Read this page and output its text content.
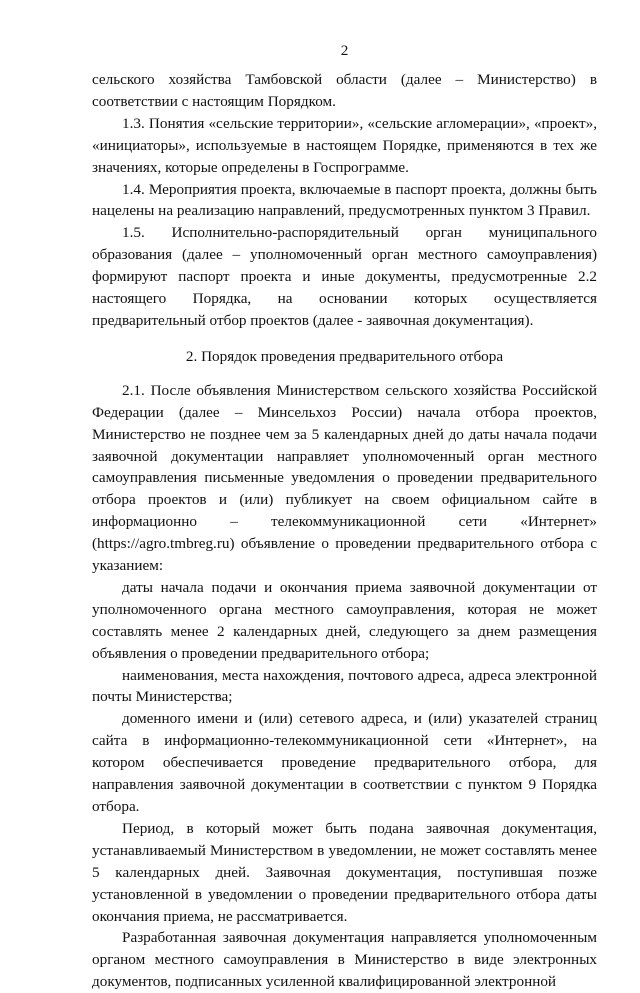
2

сельского хозяйства Тамбовской области (далее – Министерство) в соответствии с настоящим Порядком.

1.3. Понятия «сельские территории», «сельские агломерации», «проект», «инициаторы», используемые в настоящем Порядке, применяются в тех же значениях, которые определены в Госпрограмме.

1.4. Мероприятия проекта, включаемые в паспорт проекта, должны быть нацелены на реализацию направлений, предусмотренных пунктом 3 Правил.

1.5. Исполнительно-распорядительный орган муниципального образования (далее – уполномоченный орган местного самоуправления) формируют паспорт проекта и иные документы, предусмотренные 2.2 настоящего Порядка, на основании которых осуществляется предварительный отбор проектов (далее - заявочная документация).

2. Порядок проведения предварительного отбора

2.1. После объявления Министерством сельского хозяйства Российской Федерации (далее – Минсельхоз России) начала отбора проектов, Министерство не позднее чем за 5 календарных дней до даты начала подачи заявочной документации направляет уполномоченный орган местного самоуправления письменные уведомления о проведении предварительного отбора проектов и (или) публикует на своем официальном сайте в информационно – телекоммуникационной сети «Интернет» (https://agro.tmbreg.ru) объявление о проведении предварительного отбора с указанием:

даты начала подачи и окончания приема заявочной документации от уполномоченного органа местного самоуправления, которая не может составлять менее 2 календарных дней, следующего за днем размещения объявления о проведении предварительного отбора;

наименования, места нахождения, почтового адреса, адреса электронной почты Министерства;

доменного имени и (или) сетевого адреса, и (или) указателей страниц сайта в информационно-телекоммуникационной сети «Интернет», на котором обеспечивается проведение предварительного отбора, для направления заявочной документации в соответствии с пунктом 9 Порядка отбора.

Период, в который может быть подана заявочная документация, устанавливаемый Министерством в уведомлении, не может составлять менее 5 календарных дней. Заявочная документация, поступившая позже установленной в уведомлении о проведении предварительного отбора даты окончания приема, не рассматривается.

Разработанная заявочная документация направляется уполномоченным органом местного самоуправления в Министерство в виде электронных документов, подписанных усиленной квалифицированной электронной
